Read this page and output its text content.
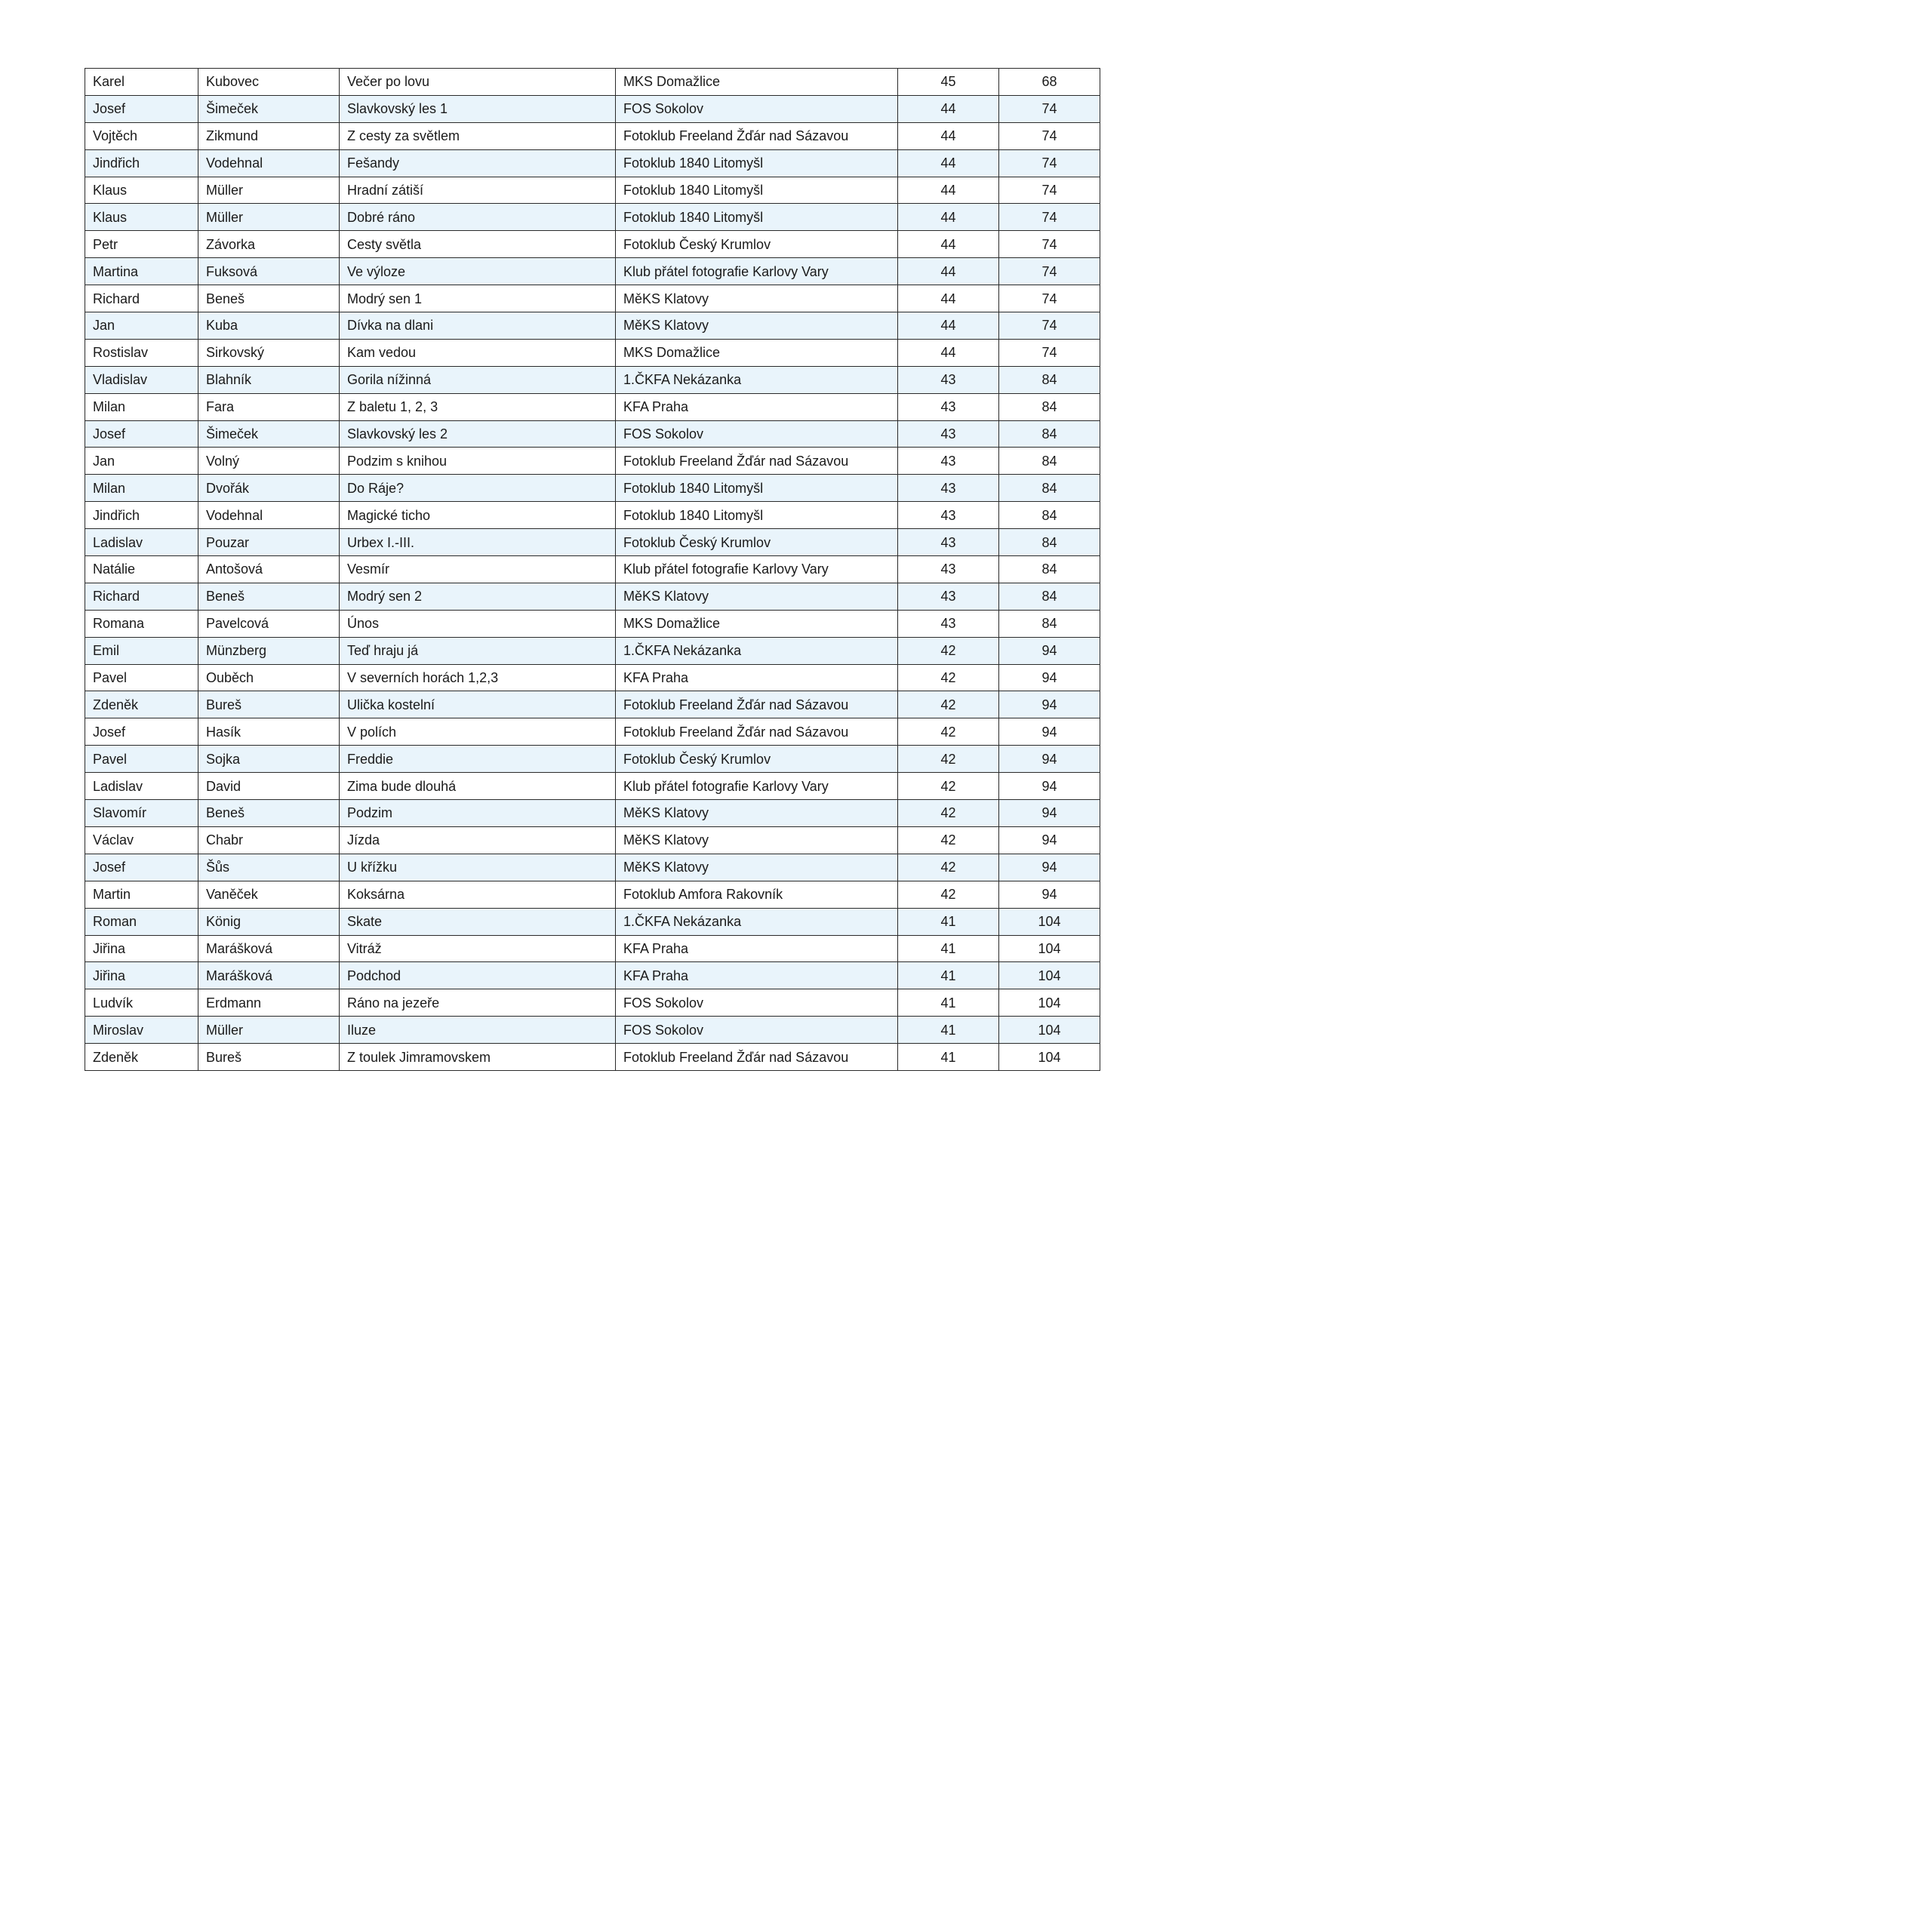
Karel	Kubovec	Večer po lovu	MKS Domažlice	45	68
Josef	Šimeček	Slavkovský les 1	FOS Sokolov	44	74
Vojtěch	Zikmund	Z cesty za světlem	Fotoklub Freeland Žďár nad Sázavou	44	74
Jindřich	Vodehnal	Fešandy	Fotoklub 1840 Litomyšl	44	74
Klaus	Müller	Hradní zátiší	Fotoklub 1840 Litomyšl	44	74
Klaus	Müller	Dobré ráno	Fotoklub 1840 Litomyšl	44	74
Petr	Závorka	Cesty světla	Fotoklub Český Krumlov	44	74
Martina	Fuksová	Ve výloze	Klub přátel fotografie Karlovy Vary	44	74
Richard	Beneš	Modrý sen 1	MěKS Klatovy	44	74
Jan	Kuba	Dívka na dlani	MěKS Klatovy	44	74
Rostislav	Sirkovský	Kam vedou	MKS Domažlice	44	74
Vladislav	Blahník	Gorila nížinná	1.ČKFA Nekázanka	43	84
Milan	Fara	Z baletu 1, 2, 3	KFA Praha	43	84
Josef	Šimeček	Slavkovský les 2	FOS Sokolov	43	84
Jan	Volný	Podzim s knihou	Fotoklub Freeland Žďár nad Sázavou	43	84
Milan	Dvořák	Do Ráje?	Fotoklub 1840 Litomyšl	43	84
Jindřich	Vodehnal	Magické ticho	Fotoklub 1840 Litomyšl	43	84
Ladislav	Pouzar	Urbex I.-III.	Fotoklub Český Krumlov	43	84
Natálie	Antošová	Vesmír	Klub přátel fotografie Karlovy Vary	43	84
Richard	Beneš	Modrý sen 2	MěKS Klatovy	43	84
Romana	Pavelcová	Únos	MKS Domažlice	43	84
Emil	Münzberg	Teď hraju já	1.ČKFA Nekázanka	42	94
Pavel	Ouběch	V severních horách 1,2,3	KFA Praha	42	94
Zdeněk	Bureš	Ulička kostelní	Fotoklub Freeland Žďár nad Sázavou	42	94
Josef	Hasík	V polích	Fotoklub Freeland Žďár nad Sázavou	42	94
Pavel	Sojka	Freddie	Fotoklub Český Krumlov	42	94
Ladislav	David	Zima bude dlouhá	Klub přátel fotografie Karlovy Vary	42	94
Slavomír	Beneš	Podzim	MěKS Klatovy	42	94
Václav	Chabr	Jízda	MěKS Klatovy	42	94
Josef	Šůs	U křížku	MěKS Klatovy	42	94
Martin	Vaněček	Koksárna	Fotoklub Amfora Rakovník	42	94
Roman	König	Skate	1.ČKFA Nekázanka	41	104
Jiřina	Marášková	Vitráž	KFA Praha	41	104
Jiřina	Marášková	Podchod	KFA Praha	41	104
Ludvík	Erdmann	Ráno na jezeře	FOS Sokolov	41	104
Miroslav	Müller	Iluze	FOS Sokolov	41	104
Zdeněk	Bureš	Z toulek Jimramovskem	Fotoklub Freeland Žďár nad Sázavou	41	104
